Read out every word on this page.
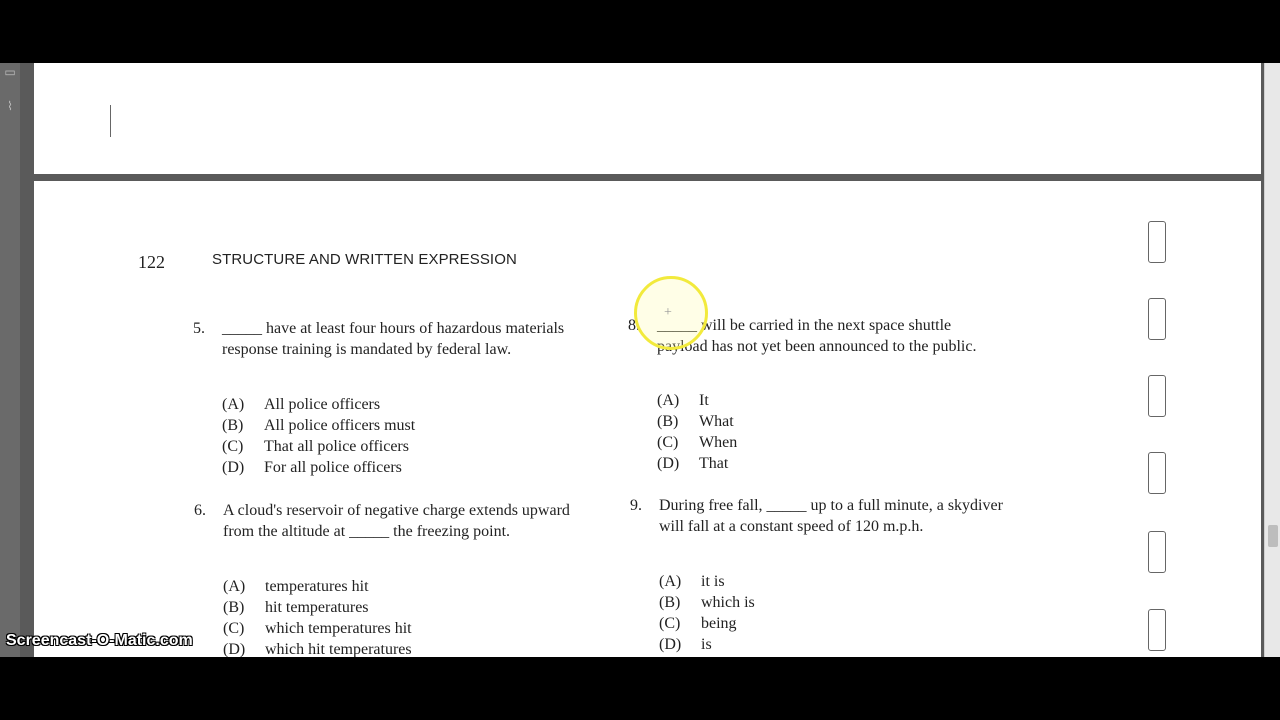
▭
⌇
122	STRUCTURE AND WRITTEN EXPRESSION
5. _____ have at least four hours of hazardous materials response training is mandated by federal law.
(A) All police officers
(B) All police officers must
(C) That all police officers
(D) For all police officers
6. A cloud's reservoir of negative charge extends upward from the altitude at _____ the freezing point.
(A) temperatures hit
(B) hit temperatures
(C) which temperatures hit
(D) which hit temperatures
8. _____ will be carried in the next space shuttle payload has not yet been announced to the public.
(A) It
(B) What
(C) When
(D) That
9. During free fall, _____ up to a full minute, a skydiver will fall at a constant speed of 120 m.p.h.
(A) it is
(B) which is
(C) being
(D) is
+
Screencast-O-Matic.com
